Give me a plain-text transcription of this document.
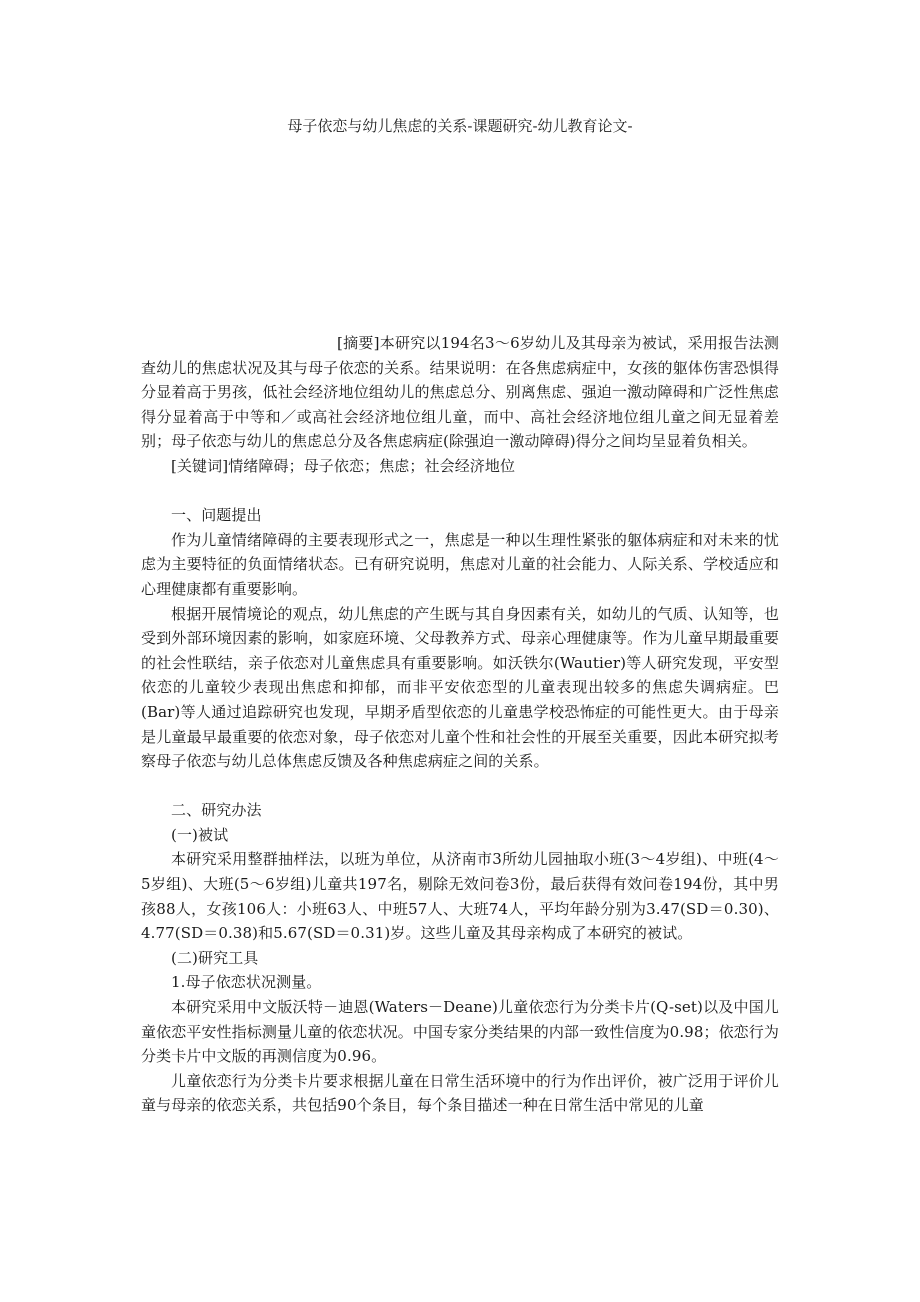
母子依恋与幼儿焦虑的关系-课题研究-幼儿教育论文-

[摘要]本研究以194名3～6岁幼儿及其母亲为被试，采用报告法测查幼儿的焦虑状况及其与母子依恋的关系。结果说明：在各焦虑病症中，女孩的躯体伤害恐惧得分显着高于男孩，低社会经济地位组幼儿的焦虑总分、别离焦虑、强迫一激动障碍和广泛性焦虑得分显着高于中等和／或高社会经济地位组儿童，而中、高社会经济地位组儿童之间无显着差别；母子依恋与幼儿的焦虑总分及各焦虑病症(除强迫一激动障碍)得分之间均呈显着负相关。

[关键词]情绪障碍；母子依恋；焦虑；社会经济地位

一、问题提出

作为儿童情绪障碍的主要表现形式之一，焦虑是一种以生理性紧张的躯体病症和对未来的忧虑为主要特征的负面情绪状态。已有研究说明，焦虑对儿童的社会能力、人际关系、学校适应和心理健康都有重要影响。

根据开展情境论的观点，幼儿焦虑的产生既与其自身因素有关，如幼儿的气质、认知等，也受到外部环境因素的影响，如家庭环境、父母教养方式、母亲心理健康等。作为儿童早期最重要的社会性联结，亲子依恋对儿童焦虑具有重要影响。如沃铁尔(Wautier)等人研究发现，平安型依恋的儿童较少表现出焦虑和抑郁，而非平安依恋型的儿童表现出较多的焦虑失调病症。巴(Bar)等人通过追踪研究也发现，早期矛盾型依恋的儿童患学校恐怖症的可能性更大。由于母亲是儿童最早最重要的依恋对象，母子依恋对儿童个性和社会性的开展至关重要，因此本研究拟考察母子依恋与幼儿总体焦虑反馈及各种焦虑病症之间的关系。

二、研究办法

(一)被试

本研究采用整群抽样法，以班为单位，从济南市3所幼儿园抽取小班(3～4岁组)、中班(4～5岁组)、大班(5～6岁组)儿童共197名，剔除无效问卷3份，最后获得有效问卷194份，其中男孩88人，女孩106人：小班63人、中班57人、大班74人，平均年龄分别为3.47(SD＝0.30)、4.77(SD＝0.38)和5.67(SD＝0.31)岁。这些儿童及其母亲构成了本研究的被试。

(二)研究工具

1.母子依恋状况测量。

本研究采用中文版沃特－迪恩(Waters－Deane)儿童依恋行为分类卡片(Q-set)以及中国儿童依恋平安性指标测量儿童的依恋状况。中国专家分类结果的内部一致性信度为0.98；依恋行为分类卡片中文版的再测信度为0.96。

儿童依恋行为分类卡片要求根据儿童在日常生活环境中的行为作出评价，被广泛用于评价儿童与母亲的依恋关系，共包括90个条目，每个条目描述一种在日常生活中常见的儿童
